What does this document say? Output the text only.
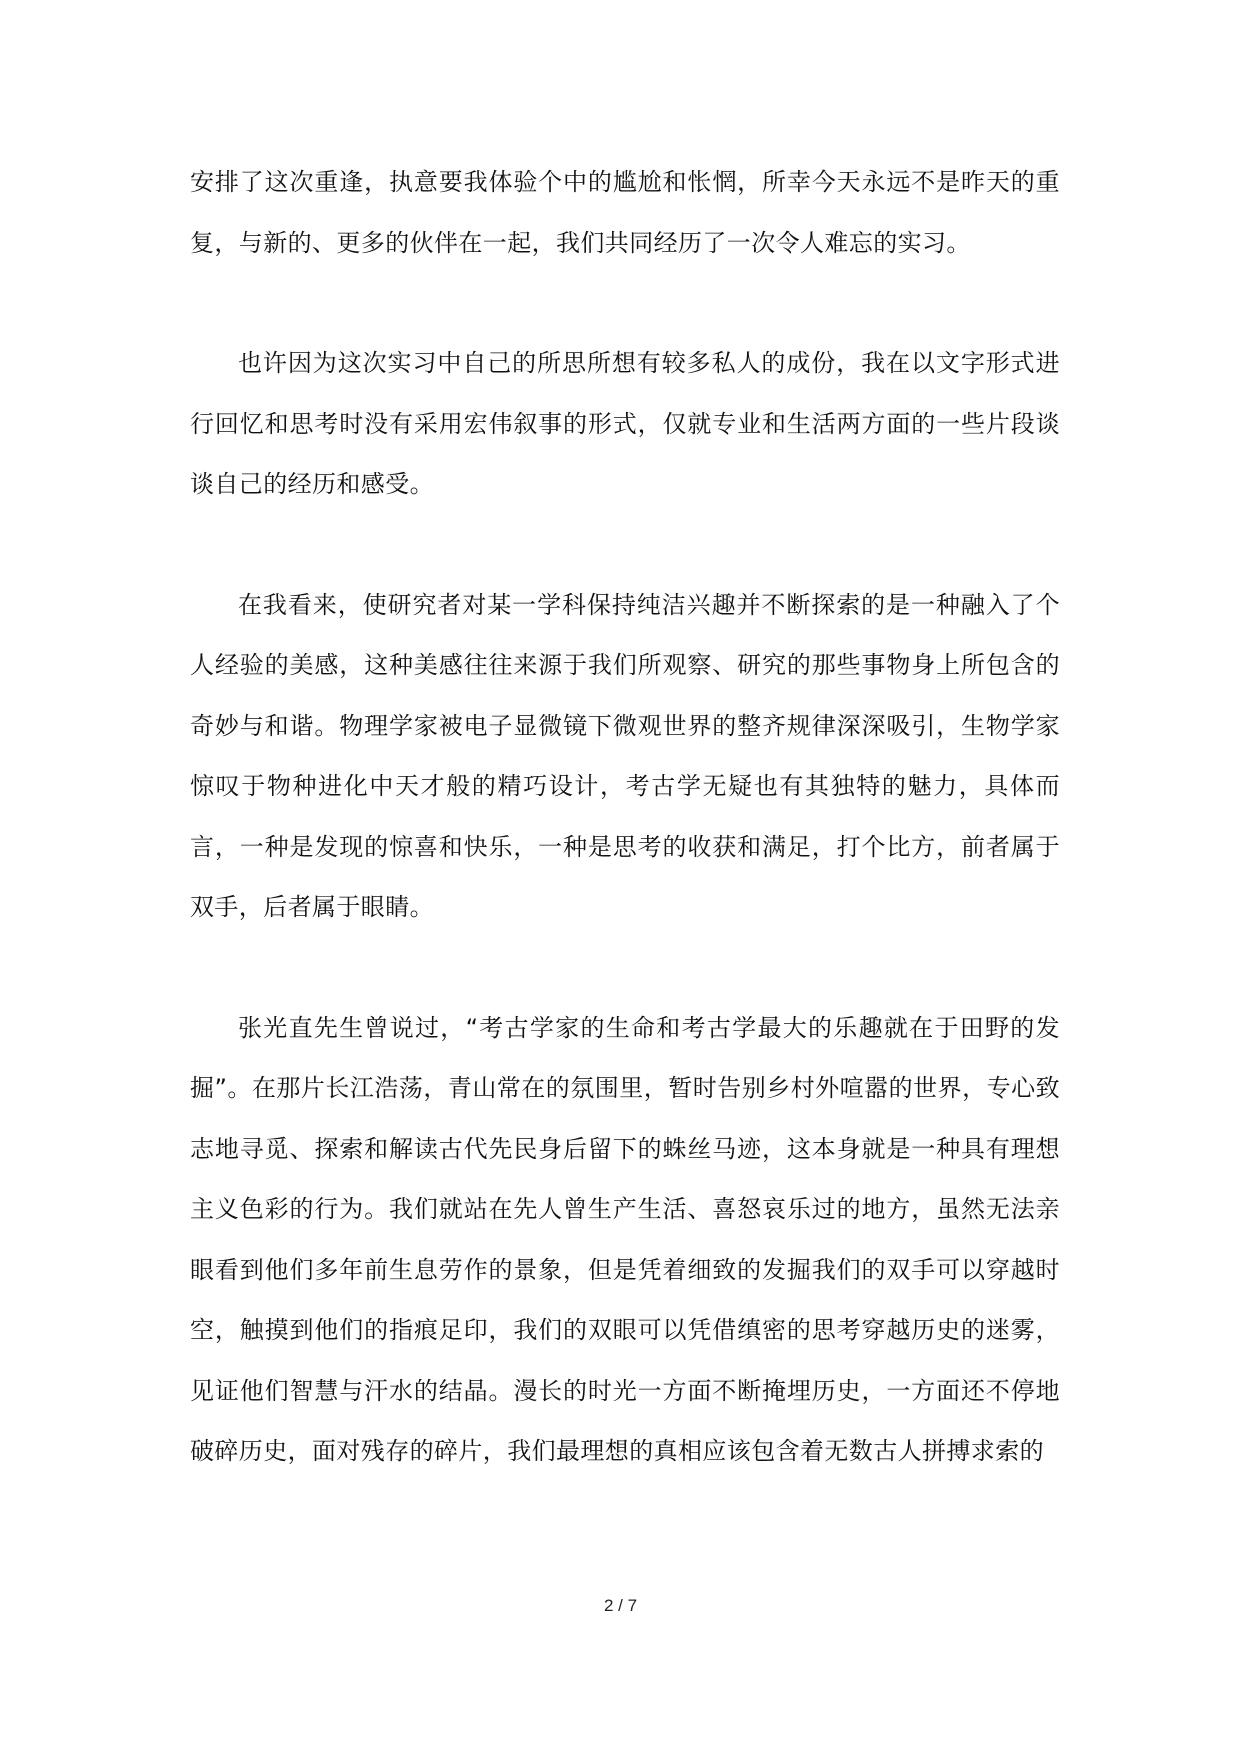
安排了这次重逢，执意要我体验个中的尴尬和怅惘，所幸今天永远不是昨天的重复，与新的、更多的伙伴在一起，我们共同经历了一次令人难忘的实习。

也许因为这次实习中自己的所思所想有较多私人的成份，我在以文字形式进行回忆和思考时没有采用宏伟叙事的形式，仅就专业和生活两方面的一些片段谈谈自己的经历和感受。

在我看来，使研究者对某一学科保持纯洁兴趣并不断探索的是一种融入了个人经验的美感，这种美感往往来源于我们所观察、研究的那些事物身上所包含的奇妙与和谐。物理学家被电子显微镜下微观世界的整齐规律深深吸引，生物学家惊叹于物种进化中天才般的精巧设计，考古学无疑也有其独特的魅力，具体而言，一种是发现的惊喜和快乐，一种是思考的收获和满足，打个比方，前者属于双手，后者属于眼睛。

张光直先生曾说过，“考古学家的生命和考古学最大的乐趣就在于田野的发掘”。在那片长江浩荡，青山常在的氛围里，暂时告别乡村外喧嚣的世界，专心致志地寻觅、探索和解读古代先民身后留下的蛛丝马迹，这本身就是一种具有理想主义色彩的行为。我们就站在先人曾生产生活、喜怒哀乐过的地方，虽然无法亲眼看到他们多年前生息劳作的景象，但是凭着细致的发掘我们的双手可以穿越时空，触摸到他们的指痕足印，我们的双眼可以凭借缜密的思考穿越历史的迷雾，见证他们智慧与汗水的结晶。漫长的时光一方面不断掩埋历史，一方面还不停地破碎历史，面对残存的碎片，我们最理想的真相应该包含着无数古人拼搏求索的

2 / 7
